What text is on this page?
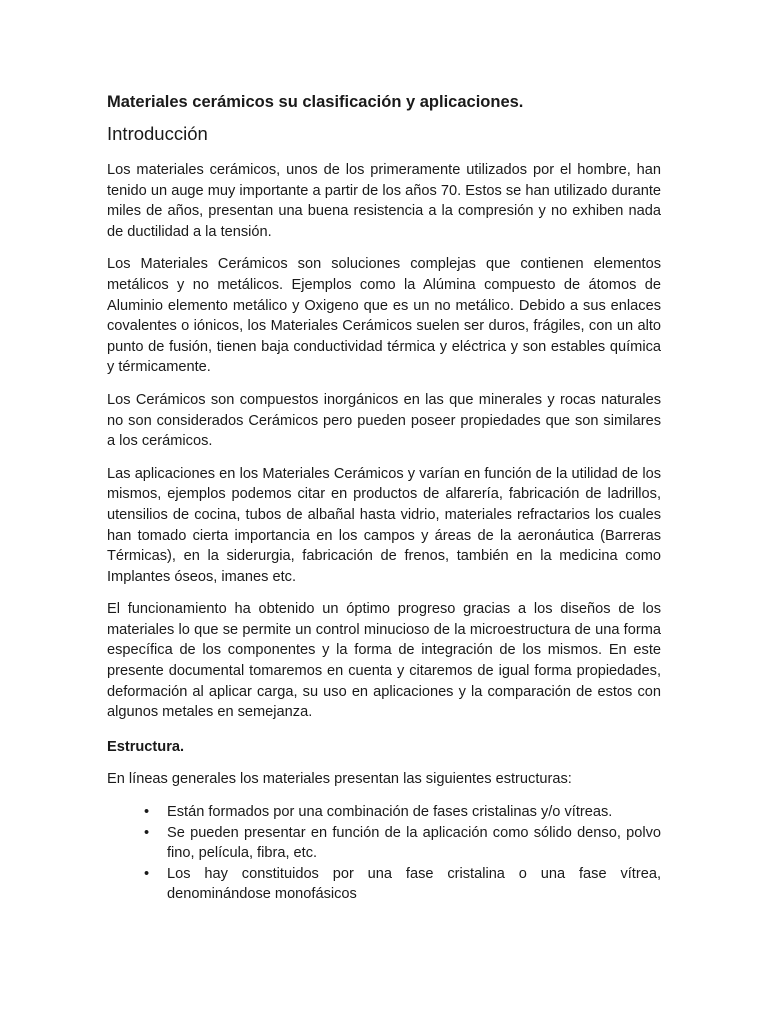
Materiales cerámicos su clasificación y aplicaciones.
Introducción

Los materiales cerámicos, unos de los primeramente utilizados por el hombre, han tenido un auge muy importante a partir de los años 70. Estos se han utilizado durante miles de años, presentan una buena resistencia a la compresión y no exhiben nada de ductilidad a la tensión.

Los Materiales Cerámicos son soluciones complejas que contienen elementos metálicos y no metálicos. Ejemplos como la Alúmina compuesto de átomos de Aluminio elemento metálico y Oxigeno que es un no metálico. Debido a sus enlaces covalentes o iónicos, los Materiales Cerámicos suelen ser duros, frágiles, con un alto punto de fusión, tienen baja conductividad térmica y eléctrica y son estables química y térmicamente.

Los Cerámicos son compuestos inorgánicos en las que minerales y rocas naturales no son considerados Cerámicos pero pueden poseer propiedades que son similares a los cerámicos.

Las aplicaciones en los Materiales Cerámicos y varían en función de la utilidad de los mismos, ejemplos podemos citar en productos de alfarería, fabricación de ladrillos, utensilios de cocina, tubos de albañal hasta vidrio, materiales refractarios los cuales han tomado cierta importancia en los campos y áreas de la aeronáutica (Barreras Térmicas), en la siderurgia, fabricación de frenos, también en la medicina como Implantes óseos, imanes etc.

El funcionamiento ha obtenido un óptimo progreso gracias a los diseños de los materiales lo que se permite un control minucioso de la microestructura de una forma específica de los componentes y la forma de integración de los mismos. En este presente documental tomaremos en cuenta y citaremos de igual forma propiedades, deformación al aplicar carga, su uso en aplicaciones y la comparación de estos con algunos metales en semejanza.

Estructura.

En líneas generales los materiales presentan las siguientes estructuras:

• Están formados por una combinación de fases cristalinas y/o vítreas.
• Se pueden presentar en función de la aplicación como sólido denso, polvo fino, película, fibra, etc.
• Los hay constituidos por una fase cristalina o una fase vítrea, denominándose monofásicos
